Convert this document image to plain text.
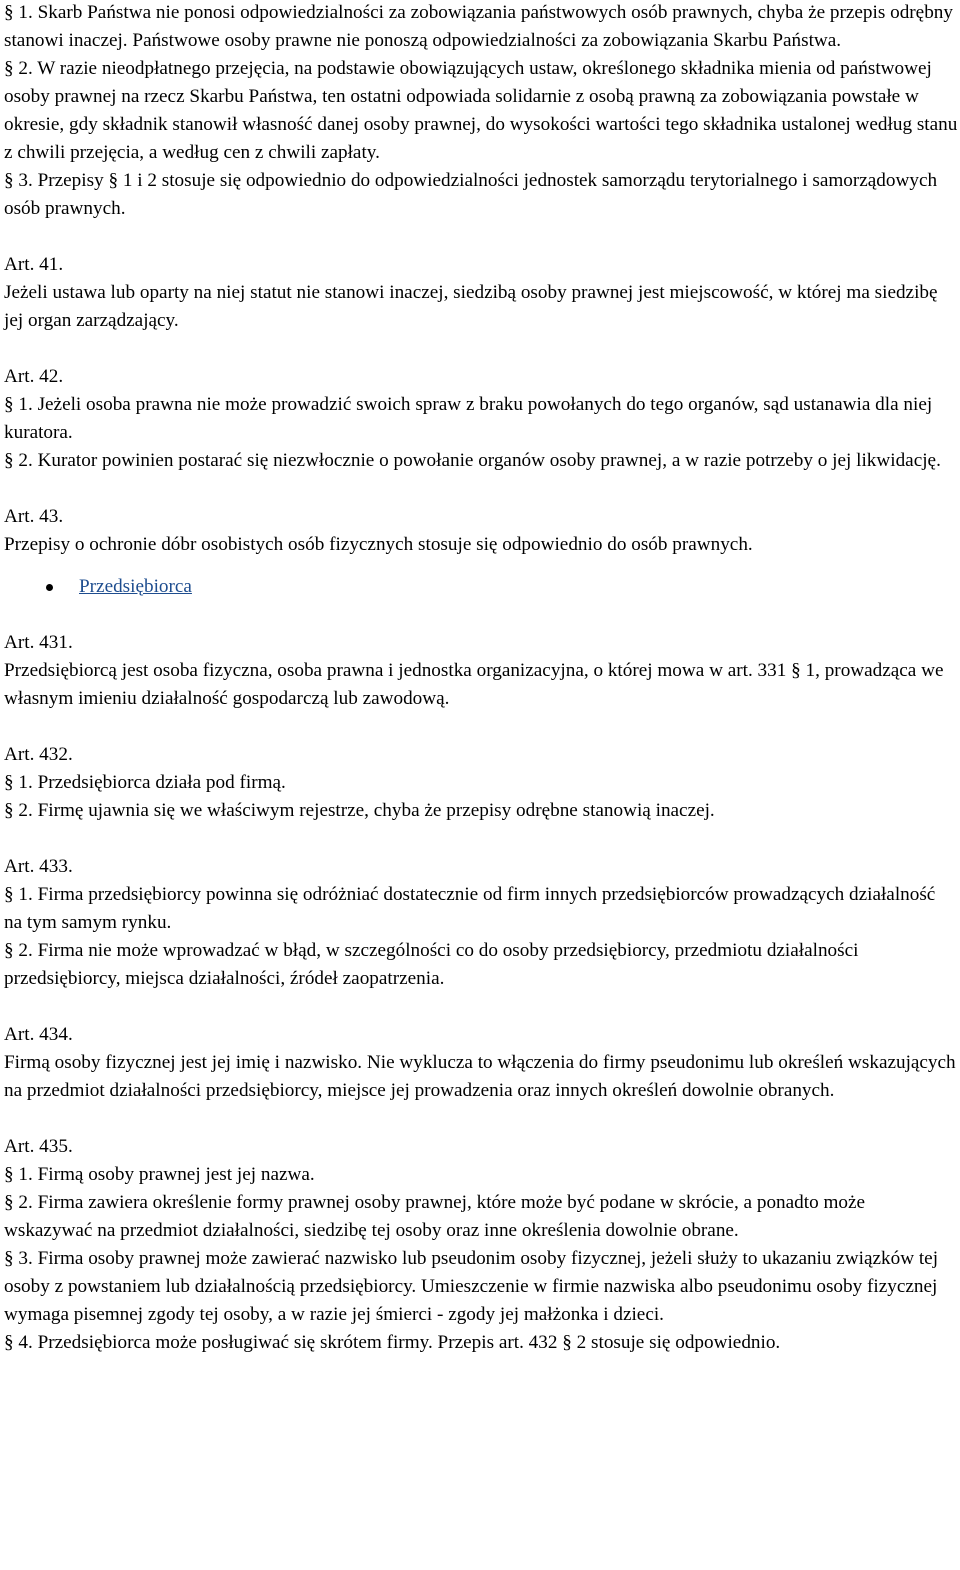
§ 1. Skarb Państwa nie ponosi odpowiedzialności za zobowiązania państwowych osób prawnych, chyba że przepis odrębny stanowi inaczej. Państwowe osoby prawne nie ponoszą odpowiedzialności za zobowiązania Skarbu Państwa.

§ 2. W razie nieodpłatnego przejęcia, na podstawie obowiązujących ustaw, określonego składnika mienia od państwowej osoby prawnej na rzecz Skarbu Państwa, ten ostatni odpowiada solidarnie z osobą prawną za zobowiązania powstałe w okresie, gdy składnik stanowił własność danej osoby prawnej, do wysokości wartości tego składnika ustalonej według stanu z chwili przejęcia, a według cen z chwili zapłaty.

§ 3. Przepisy § 1 i 2 stosuje się odpowiednio do odpowiedzialności jednostek samorządu terytorialnego i samorządowych osób prawnych.

Art. 41.

Jeżeli ustawa lub oparty na niej statut nie stanowi inaczej, siedzibą osoby prawnej jest miejscowość, w której ma siedzibę jej organ zarządzający.

Art. 42.

§ 1. Jeżeli osoba prawna nie może prowadzić swoich spraw z braku powołanych do tego organów, sąd ustanawia dla niej kuratora.

§ 2. Kurator powinien postarać się niezwłocznie o powołanie organów osoby prawnej, a w razie potrzeby o jej likwidację.

Art. 43.

Przepisy o ochronie dóbr osobistych osób fizycznych stosuje się odpowiednio do osób prawnych.

Przedsiębiorca

Art. 431.

Przedsiębiorcą jest osoba fizyczna, osoba prawna i jednostka organizacyjna, o której mowa w art. 331 § 1, prowadząca we własnym imieniu działalność gospodarczą lub zawodową.

Art. 432.

§ 1. Przedsiębiorca działa pod firmą.

§ 2. Firmę ujawnia się we właściwym rejestrze, chyba że przepisy odrębne stanowią inaczej.

Art. 433.

§ 1. Firma przedsiębiorcy powinna się odróżniać dostatecznie od firm innych przedsiębiorców prowadzących działalność na tym samym rynku.

§ 2. Firma nie może wprowadzać w błąd, w szczególności co do osoby przedsiębiorcy, przedmiotu działalności przedsiębiorcy, miejsca działalności, źródeł zaopatrzenia.

Art. 434.

Firmą osoby fizycznej jest jej imię i nazwisko. Nie wyklucza to włączenia do firmy pseudonimu lub określeń wskazujących na przedmiot działalności przedsiębiorcy, miejsce jej prowadzenia oraz innych określeń dowolnie obranych.

Art. 435.

§ 1. Firmą osoby prawnej jest jej nazwa.

§ 2. Firma zawiera określenie formy prawnej osoby prawnej, które może być podane w skrócie, a ponadto może wskazywać na przedmiot działalności, siedzibę tej osoby oraz inne określenia dowolnie obrane.

§ 3. Firma osoby prawnej może zawierać nazwisko lub pseudonim osoby fizycznej, jeżeli służy to ukazaniu związków tej osoby z powstaniem lub działalnością przedsiębiorcy. Umieszczenie w firmie nazwiska albo pseudonimu osoby fizycznej wymaga pisemnej zgody tej osoby, a w razie jej śmierci - zgody jej małżonka i dzieci.

§ 4. Przedsiębiorca może posługiwać się skrótem firmy. Przepis art. 432 § 2 stosuje się odpowiednio.
